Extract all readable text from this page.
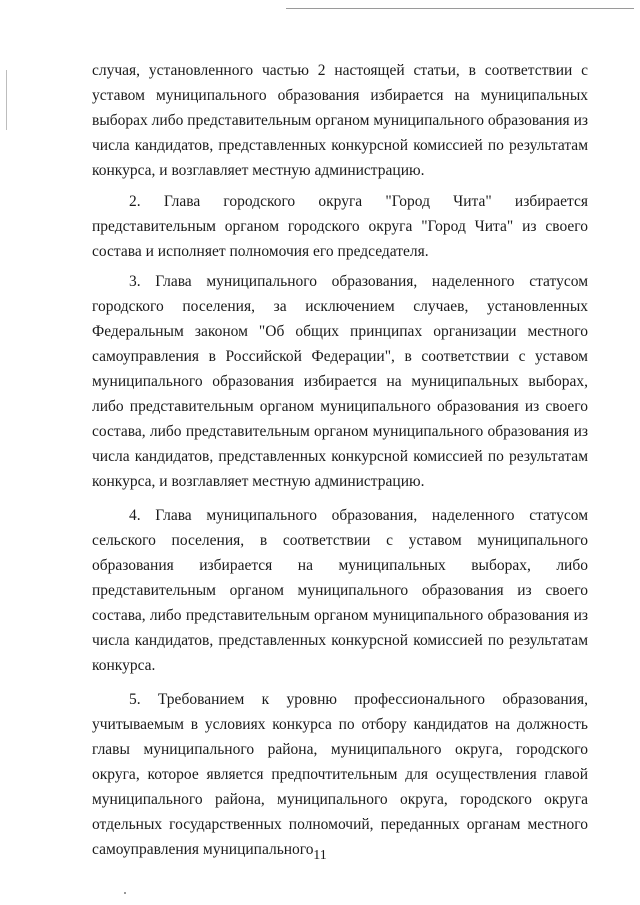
случая, установленного частью 2 настоящей статьи, в соответствии с уставом муниципального образования избирается на муниципальных выборах либо представительным органом муниципального образования из числа кандидатов, представленных конкурсной комиссией по результатам конкурса, и возглавляет местную администрацию.

2. Глава городского округа "Город Чита" избирается представительным органом городского округа "Город Чита" из своего состава и исполняет полномочия его председателя.

3. Глава муниципального образования, наделенного статусом городского поселения, за исключением случаев, установленных Федеральным законом "Об общих принципах организации местного самоуправления в Российской Федерации", в соответствии с уставом муниципального образования избирается на муниципальных выборах, либо представительным органом муниципального образования из своего состава, либо представительным органом муниципального образования из числа кандидатов, представленных конкурсной комиссией по результатам конкурса, и возглавляет местную администрацию.

4. Глава муниципального образования, наделенного статусом сельского поселения, в соответствии с уставом муниципального образования избирается на муниципальных выборах, либо представительным органом муниципального образования из своего состава, либо представительным органом муниципального образования из числа кандидатов, представленных конкурсной комиссией по результатам конкурса.

5. Требованием к уровню профессионального образования, учитываемым в условиях конкурса по отбору кандидатов на должность главы муниципального района, муниципального округа, городского округа, которое является предпочтительным для осуществления главой муниципального района, муниципального округа, городского округа отдельных государственных полномочий, переданных органам местного самоуправления муниципального 11
